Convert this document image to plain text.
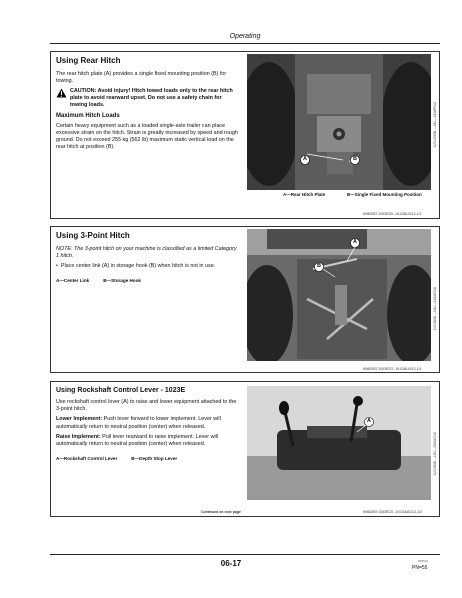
Operating
Using Rear Hitch

The rear hitch plate (A) provides a single fixed mounting position (B) for towing.

CAUTION: Avoid injury! Hitch towed loads only to the rear hitch plate to avoid rearward upset. Do not use a safety chain for towing loads.
Maximum Hitch Loads

Certain heavy equipment such as a loaded single-axle trailer can place excessive strain on the hitch. Strain is greatly increased by speed and rough ground. Do not exceed 255 kg (562 lb) maximum static vertical load on the rear hitch at position (B).

A	B
LV14390B —UN—21APR12
A—Rear Hitch Plate	B—Single Fixed Mounting Position
KB60287,1003ED9 -19-03AUG12-1/1
Using 3-Point Hitch

NOTE: The 3-point hitch on your machine is classified as a limited Category 1 hitch.

• Place center link (A) in storage hook (B) when hitch is not in use.
A—Center Link	B—Storage Hook
A
B
LV13838 —UN—31AUG10
KB60287,1003ED3 -19-03AUG12-1/1
Using Rockshaft Control Lever - 1023E

Use rockshaft control lever (A) to raise and lower equipment attached to the 3-point hitch.

Lower Implement: Push lever forward to lower implement. Lever will automatically return to neutral position (center) when released.

Raise Implement: Pull lever rearward to raise implement. Lever will automatically return to neutral position (center) when released.

A—Rockshaft Control Lever	B—Depth Stop Lever
A
LV13838 —UN—29AUG12
Continued on next page	KB60287,1003ECS -19-03AUG12-1/2
06-17	060512
PN=55
